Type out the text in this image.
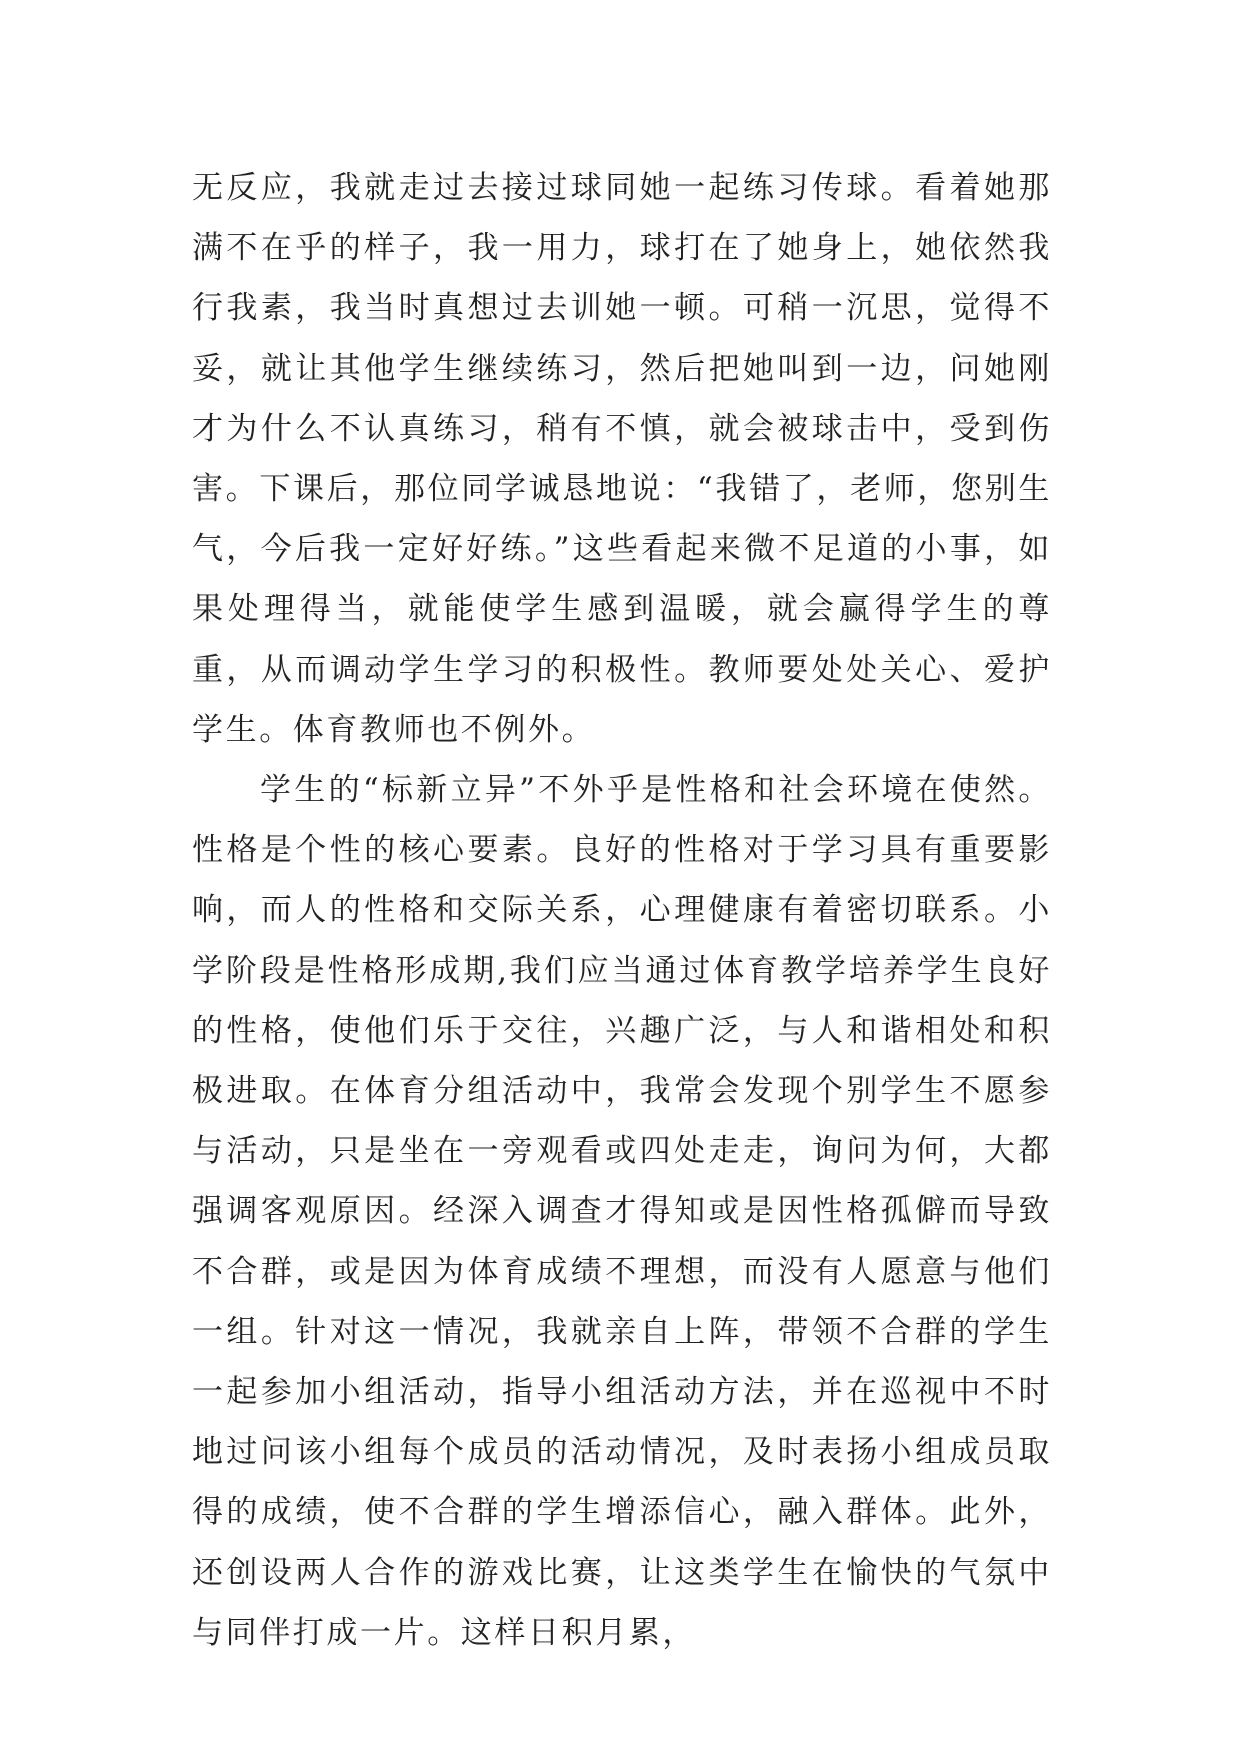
无反应，我就走过去接过球同她一起练习传球。看着她那满不在乎的样子，我一用力，球打在了她身上，她依然我行我素，我当时真想过去训她一顿。可稍一沉思，觉得不妥，就让其他学生继续练习，然后把她叫到一边，问她刚才为什么不认真练习，稍有不慎，就会被球击中，受到伤害。下课后，那位同学诚恳地说：“我错了，老师，您别生气，今后我一定好好练。”这些看起来微不足道的小事，如果处理得当，就能使学生感到温暖，就会赢得学生的尊重，从而调动学生学习的积极性。教师要处处关心、爱护学生。体育教师也不例外。

学生的“标新立异”不外乎是性格和社会环境在使然。性格是个性的核心要素。良好的性格对于学习具有重要影响，而人的性格和交际关系，心理健康有着密切联系。小学阶段是性格形成期,我们应当通过体育教学培养学生良好的性格，使他们乐于交往，兴趣广泛，与人和谐相处和积极进取。在体育分组活动中，我常会发现个别学生不愿参与活动，只是坐在一旁观看或四处走走，询问为何，大都强调客观原因。经深入调查才得知或是因性格孤僻而导致不合群，或是因为体育成绩不理想，而没有人愿意与他们一组。针对这一情况，我就亲自上阵，带领不合群的学生一起参加小组活动，指导小组活动方法，并在巡视中不时地过问该小组每个成员的活动情况，及时表扬小组成员取得的成绩，使不合群的学生增添信心，融入群体。此外，还创设两人合作的游戏比赛，让这类学生在愉快的气氛中与同伴打成一片。这样日积月累，
